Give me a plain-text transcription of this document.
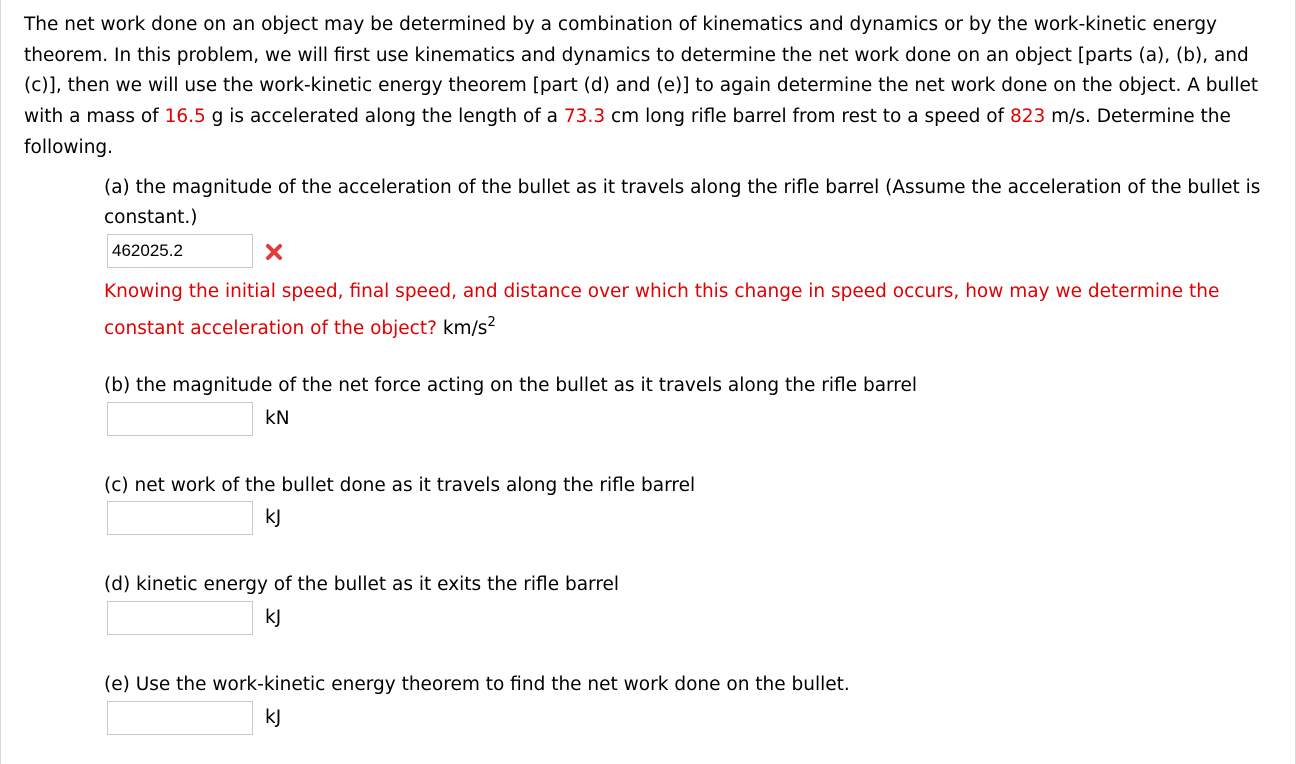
The net work done on an object may be determined by a combination of kinematics and dynamics or by the work-kinetic energy theorem. In this problem, we will first use kinematics and dynamics to determine the net work done on an object [parts (a), (b), and (c)], then we will use the work-kinetic energy theorem [part (d) and (e)] to again determine the net work done on the object. A bullet with a mass of 16.5 g is accelerated along the length of a 73.3 cm long rifle barrel from rest to a speed of 823 m/s. Determine the following.

(a) the magnitude of the acceleration of the bullet as it travels along the rifle barrel (Assume the acceleration of the bullet is constant.)

462025.2

Knowing the initial speed, final speed, and distance over which this change in speed occurs, how may we determine the constant acceleration of the object? $km/s^2$

(b) the magnitude of the net force acting on the bullet as it travels along the rifle barrel

kN

(c) net work of the bullet done as it travels along the rifle barrel

kJ

(d) kinetic energy of the bullet as it exits the rifle barrel

kJ

(e) Use the work-kinetic energy theorem to find the net work done on the bullet.

kJ
